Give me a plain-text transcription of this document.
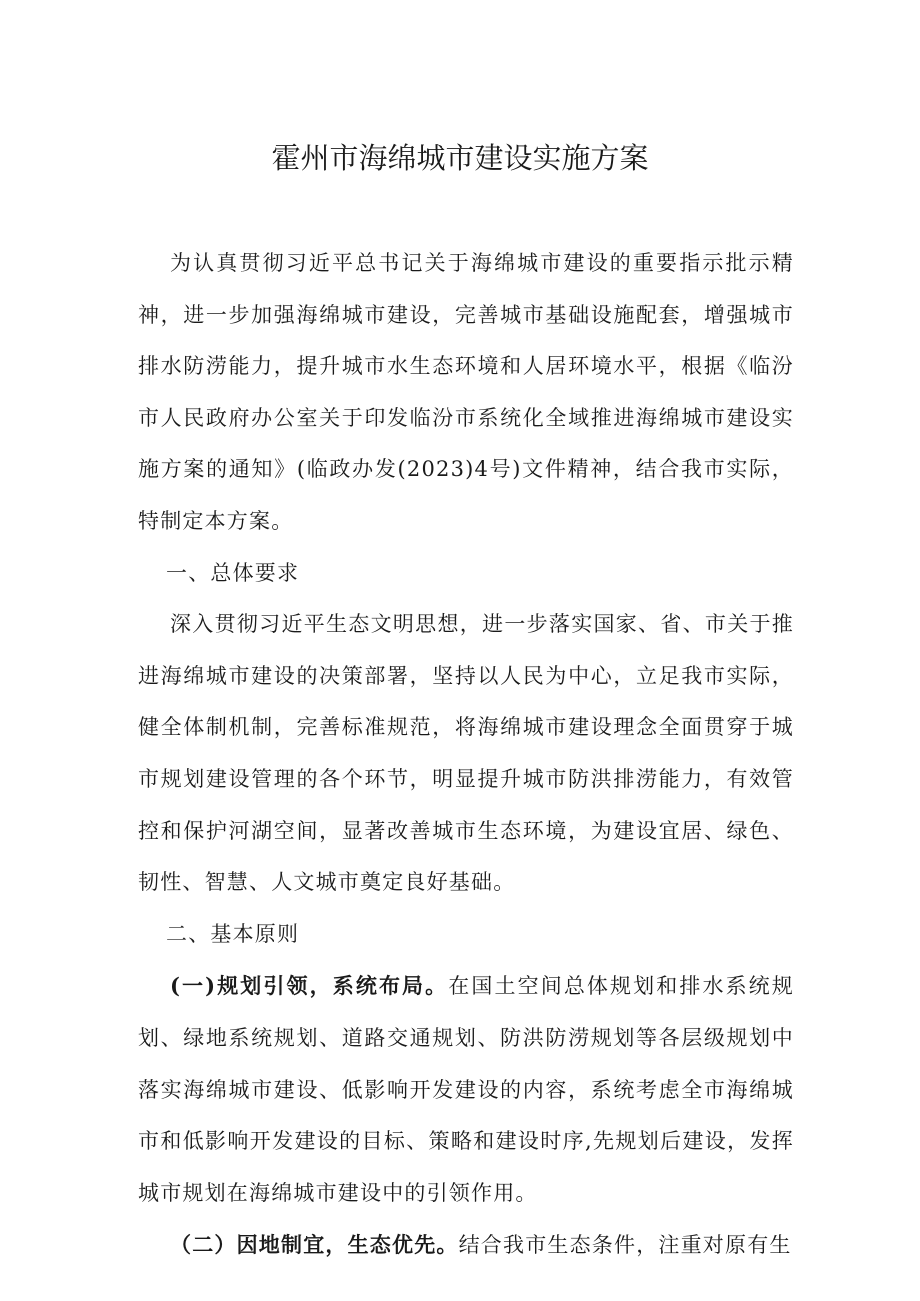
霍州市海绵城市建设实施方案

为认真贯彻习近平总书记关于海绵城市建设的重要指示批示精神，进一步加强海绵城市建设，完善城市基础设施配套，增强城市排水防涝能力，提升城市水生态环境和人居环境水平，根据《临汾市人民政府办公室关于印发临汾市系统化全域推进海绵城市建设实施方案的通知》(临政办发(2023)4号)文件精神，结合我市实际，特制定本方案。

一、总体要求

深入贯彻习近平生态文明思想，进一步落实国家、省、市关于推进海绵城市建设的决策部署，坚持以人民为中心，立足我市实际，健全体制机制，完善标准规范，将海绵城市建设理念全面贯穿于城市规划建设管理的各个环节，明显提升城市防洪排涝能力，有效管控和保护河湖空间，显著改善城市生态环境，为建设宜居、绿色、韧性、智慧、人文城市奠定良好基础。

二、基本原则

(一)规划引领，系统布局。在国土空间总体规划和排水系统规划、绿地系统规划、道路交通规划、防洪防涝规划等各层级规划中落实海绵城市建设、低影响开发建设的内容，系统考虑全市海绵城市和低影响开发建设的目标、策略和建设时序,先规划后建设，发挥城市规划在海绵城市建设中的引领作用。

（二）因地制宜，生态优先。结合我市生态条件，注重对原有生
